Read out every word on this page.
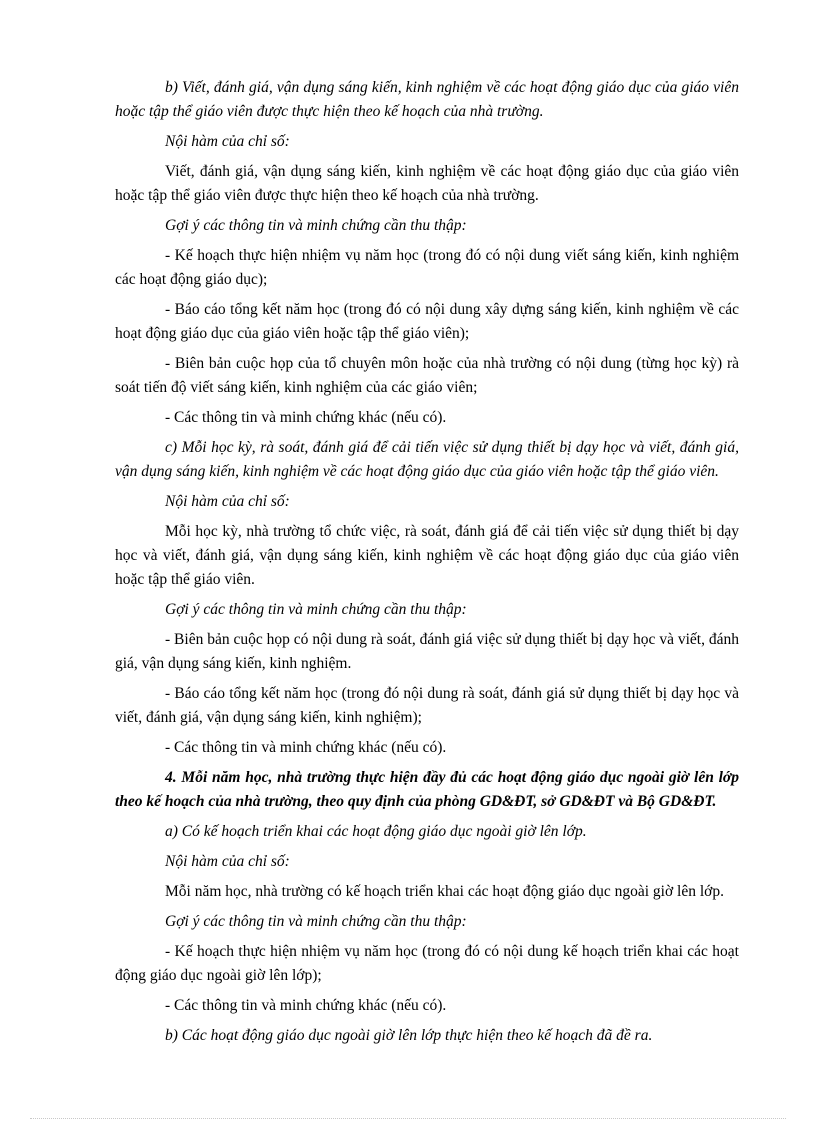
b) Viết, đánh giá, vận dụng sáng kiến, kinh nghiệm về các hoạt động giáo dục của giáo viên hoặc tập thể giáo viên được thực hiện theo kế hoạch của nhà trường.

Nội hàm của chỉ số:

Viết, đánh giá, vận dụng sáng kiến, kinh nghiệm về các hoạt động giáo dục của giáo viên hoặc tập thể giáo viên được thực hiện theo kế hoạch của nhà trường.

Gợi ý các thông tin và minh chứng cần thu thập:

- Kế hoạch thực hiện nhiệm vụ năm học (trong đó có nội dung viết sáng kiến, kinh nghiệm các hoạt động giáo dục);

- Báo cáo tổng kết năm học (trong đó có nội dung xây dựng sáng kiến, kinh nghiệm về các hoạt động giáo dục của giáo viên hoặc tập thể giáo viên);

- Biên bản cuộc họp của tổ chuyên môn hoặc của nhà trường có nội dung (từng học kỳ) rà soát tiến độ viết sáng kiến, kinh nghiệm của các giáo viên;

- Các thông tin và minh chứng khác (nếu có).

c) Mỗi học kỳ, rà soát, đánh giá để cải tiến việc sử dụng thiết bị dạy học và viết, đánh giá, vận dụng sáng kiến, kinh nghiệm về các hoạt động giáo dục của giáo viên hoặc tập thể giáo viên.

Nội hàm của chỉ số:

Mỗi học kỳ, nhà trường tổ chức việc, rà soát, đánh giá để cải tiến việc sử dụng thiết bị dạy học và viết, đánh giá, vận dụng sáng kiến, kinh nghiệm về các hoạt động giáo dục của giáo viên hoặc tập thể giáo viên.

Gợi ý các thông tin và minh chứng cần thu thập:

- Biên bản cuộc họp có nội dung rà soát, đánh giá việc sử dụng thiết bị dạy học và viết, đánh giá, vận dụng sáng kiến, kinh nghiệm.

- Báo cáo tổng kết năm học (trong đó nội dung rà soát, đánh giá sử dụng thiết bị dạy học và viết, đánh giá, vận dụng sáng kiến, kinh nghiệm);

- Các thông tin và minh chứng khác (nếu có).

4. Mỗi năm học, nhà trường thực hiện đầy đủ các hoạt động giáo dục ngoài giờ lên lớp theo kế hoạch của nhà trường, theo quy định của phòng GD&ĐT, sở GD&ĐT và Bộ GD&ĐT.

a) Có kế hoạch triển khai các hoạt động giáo dục ngoài giờ lên lớp.

Nội hàm của chỉ số:

Mỗi năm học, nhà trường có kế hoạch triển khai các hoạt động giáo dục ngoài giờ lên lớp.

Gợi ý các thông tin và minh chứng cần thu thập:

- Kế hoạch thực hiện nhiệm vụ năm học (trong đó có nội dung kế hoạch triển khai các hoạt động giáo dục ngoài giờ lên lớp);

- Các thông tin và minh chứng khác (nếu có).

b) Các hoạt động giáo dục ngoài giờ lên lớp thực hiện theo kế hoạch đã đề ra.
